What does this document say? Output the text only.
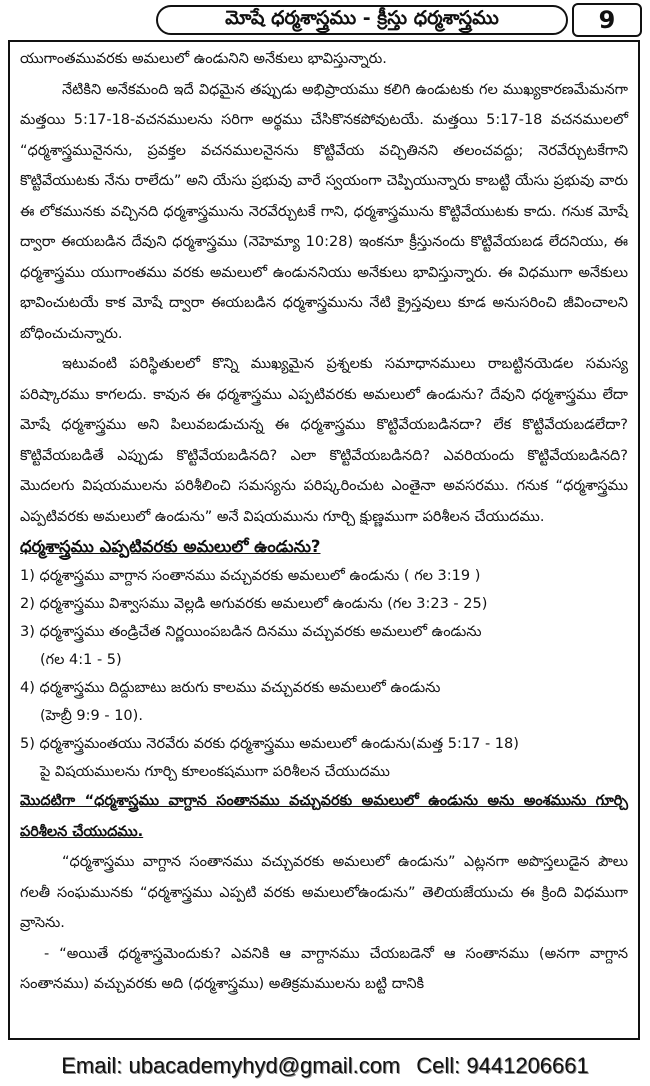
మోషే ధర్మశాస్త్రము - క్రీస్తు ధర్మశాస్త్రము	9

యుగాంతమువరకు అమలులో ఉండునిని అనేకులు భావిస్తున్నారు.

నేటికిని అనేకమంది ఇదే విధమైన తప్పుడు అభిప్రాయము కలిగి ఉండుటకు గల ముఖ్యకారణమేమనగా మత్తయి 5:17-18-వచనములను సరిగా అర్థము చేసికొనకపోవుటయే. మత్తయి 5:17-18 వచనములలో “ధర్మశాస్త్రమునైనను, ప్రవక్తల వచనములనైనను కొట్టివేయ వచ్చితినని తలంచవద్దు; నెరవేర్చుటకేగాని కొట్టివేయుటకు నేను రాలేదు” అని యేసు ప్రభువు వారే స్వయంగా చెప్పియున్నారు కాబట్టి యేసు ప్రభువు వారు ఈ లోకమునకు వచ్చినది ధర్మశాస్త్రమును నెరవేర్చుటకే గాని, ధర్మశాస్త్రమును కొట్టివేయుటకు కాదు. గనుక మోషే ద్వారా ఈయబడిన దేవుని ధర్మశాస్త్రము (నెహెమ్యా 10:28) ఇంకనూ క్రీస్తునందు కొట్టివేయబడ లేదనియు, ఈ ధర్మశాస్త్రము యుగాంతము వరకు అమలులో ఉండుననియు అనేకులు భావిస్తున్నారు. ఈ విధముగా అనేకులు భావించుటయే కాక మోషే ద్వారా ఈయబడిన ధర్మశాస్త్రమును నేటి క్రైస్తవులు కూడ అనుసరించి జీవించాలని బోధించుచున్నారు.

ఇటువంటి పరిస్థితులలో కొన్ని ముఖ్యమైన ప్రశ్నలకు సమాధానములు రాబట్టినయెడల సమస్య పరిష్కారము కాగలదు. కావున ఈ ధర్మశాస్త్రము ఎప్పటివరకు అమలులో ఉండును? దేవుని ధర్మశాస్త్రము లేదా మోషే ధర్మశాస్త్రము అని పిలువబడుచున్న ఈ ధర్మశాస్త్రము కొట్టివేయబడినదా? లేక కొట్టివేయబడలేదా? కొట్టివేయబడితే ఎప్పుడు కొట్టివేయబడినది? ఎలా కొట్టివేయబడినది? ఎవరియందు కొట్టివేయబడినది? మొదలగు విషయములను పరిశీలించి సమస్యను పరిష్కరించుట ఎంతైనా అవసరము. గనుక “ధర్మశాస్త్రము ఎప్పటివరకు అమలులో ఉండును” అనే విషయమును గూర్చి క్షుణ్ణముగా పరిశీలన చేయుదము.

ధర్మశాస్త్రము ఎప్పటివరకు అమలులో ఉండును?

1) ధర్మశాస్త్రము వాగ్దాన సంతానము వచ్చువరకు అమలులో ఉండును ( గల 3:19 )
2) ధర్మశాస్త్రము విశ్వాసము వెల్లడి అగువరకు అమలులో ఉండును (గల 3:23 - 25)
3) ధర్మశాస్త్రము తండ్రిచేత నిర్ణయింపబడిన దినము వచ్చువరకు అమలులో ఉండును
(గల 4:1 - 5)
4) ధర్మశాస్త్రము దిద్దుబాటు జరుగు కాలము వచ్చువరకు అమలులో ఉండును
(హెబ్రీ 9:9 - 10).
5) ధర్మశాస్త్రమంతయు నెరవేరు వరకు ధర్మశాస్త్రము అమలులో ఉండును(మత్త 5:17 - 18)
పై విషయములను గూర్చి కూలంకషముగా పరిశీలన చేయుదము

మొదటిగా “ధర్మశాస్త్రము వాగ్దాన సంతానము వచ్చువరకు అమలులో ఉండును అను అంశమును గూర్చి పరిశీలన చేయుదము.

“ధర్మశాస్త్రము వాగ్దాన సంతానము వచ్చువరకు అమలులో ఉండును” ఎట్లనగా అపొస్తలుడైన పౌలు గలతీ సంఘమునకు “ధర్మశాస్త్రము ఎప్పటి వరకు అమలులోఉండును” తెలియజేయుచు ఈ క్రింది విధముగా వ్రాసెను.

- “అయితే ధర్మశాస్త్రమెందుకు? ఎవనికి ఆ వాగ్దానము చేయబడెనో ఆ సంతానము (అనగా వాగ్దాన సంతానము) వచ్చువరకు అది (ధర్మశాస్త్రము) అతిక్రమములను బట్టి దానికి

Email: ubacademyhyd@gmail.com Cell: 9441206661
